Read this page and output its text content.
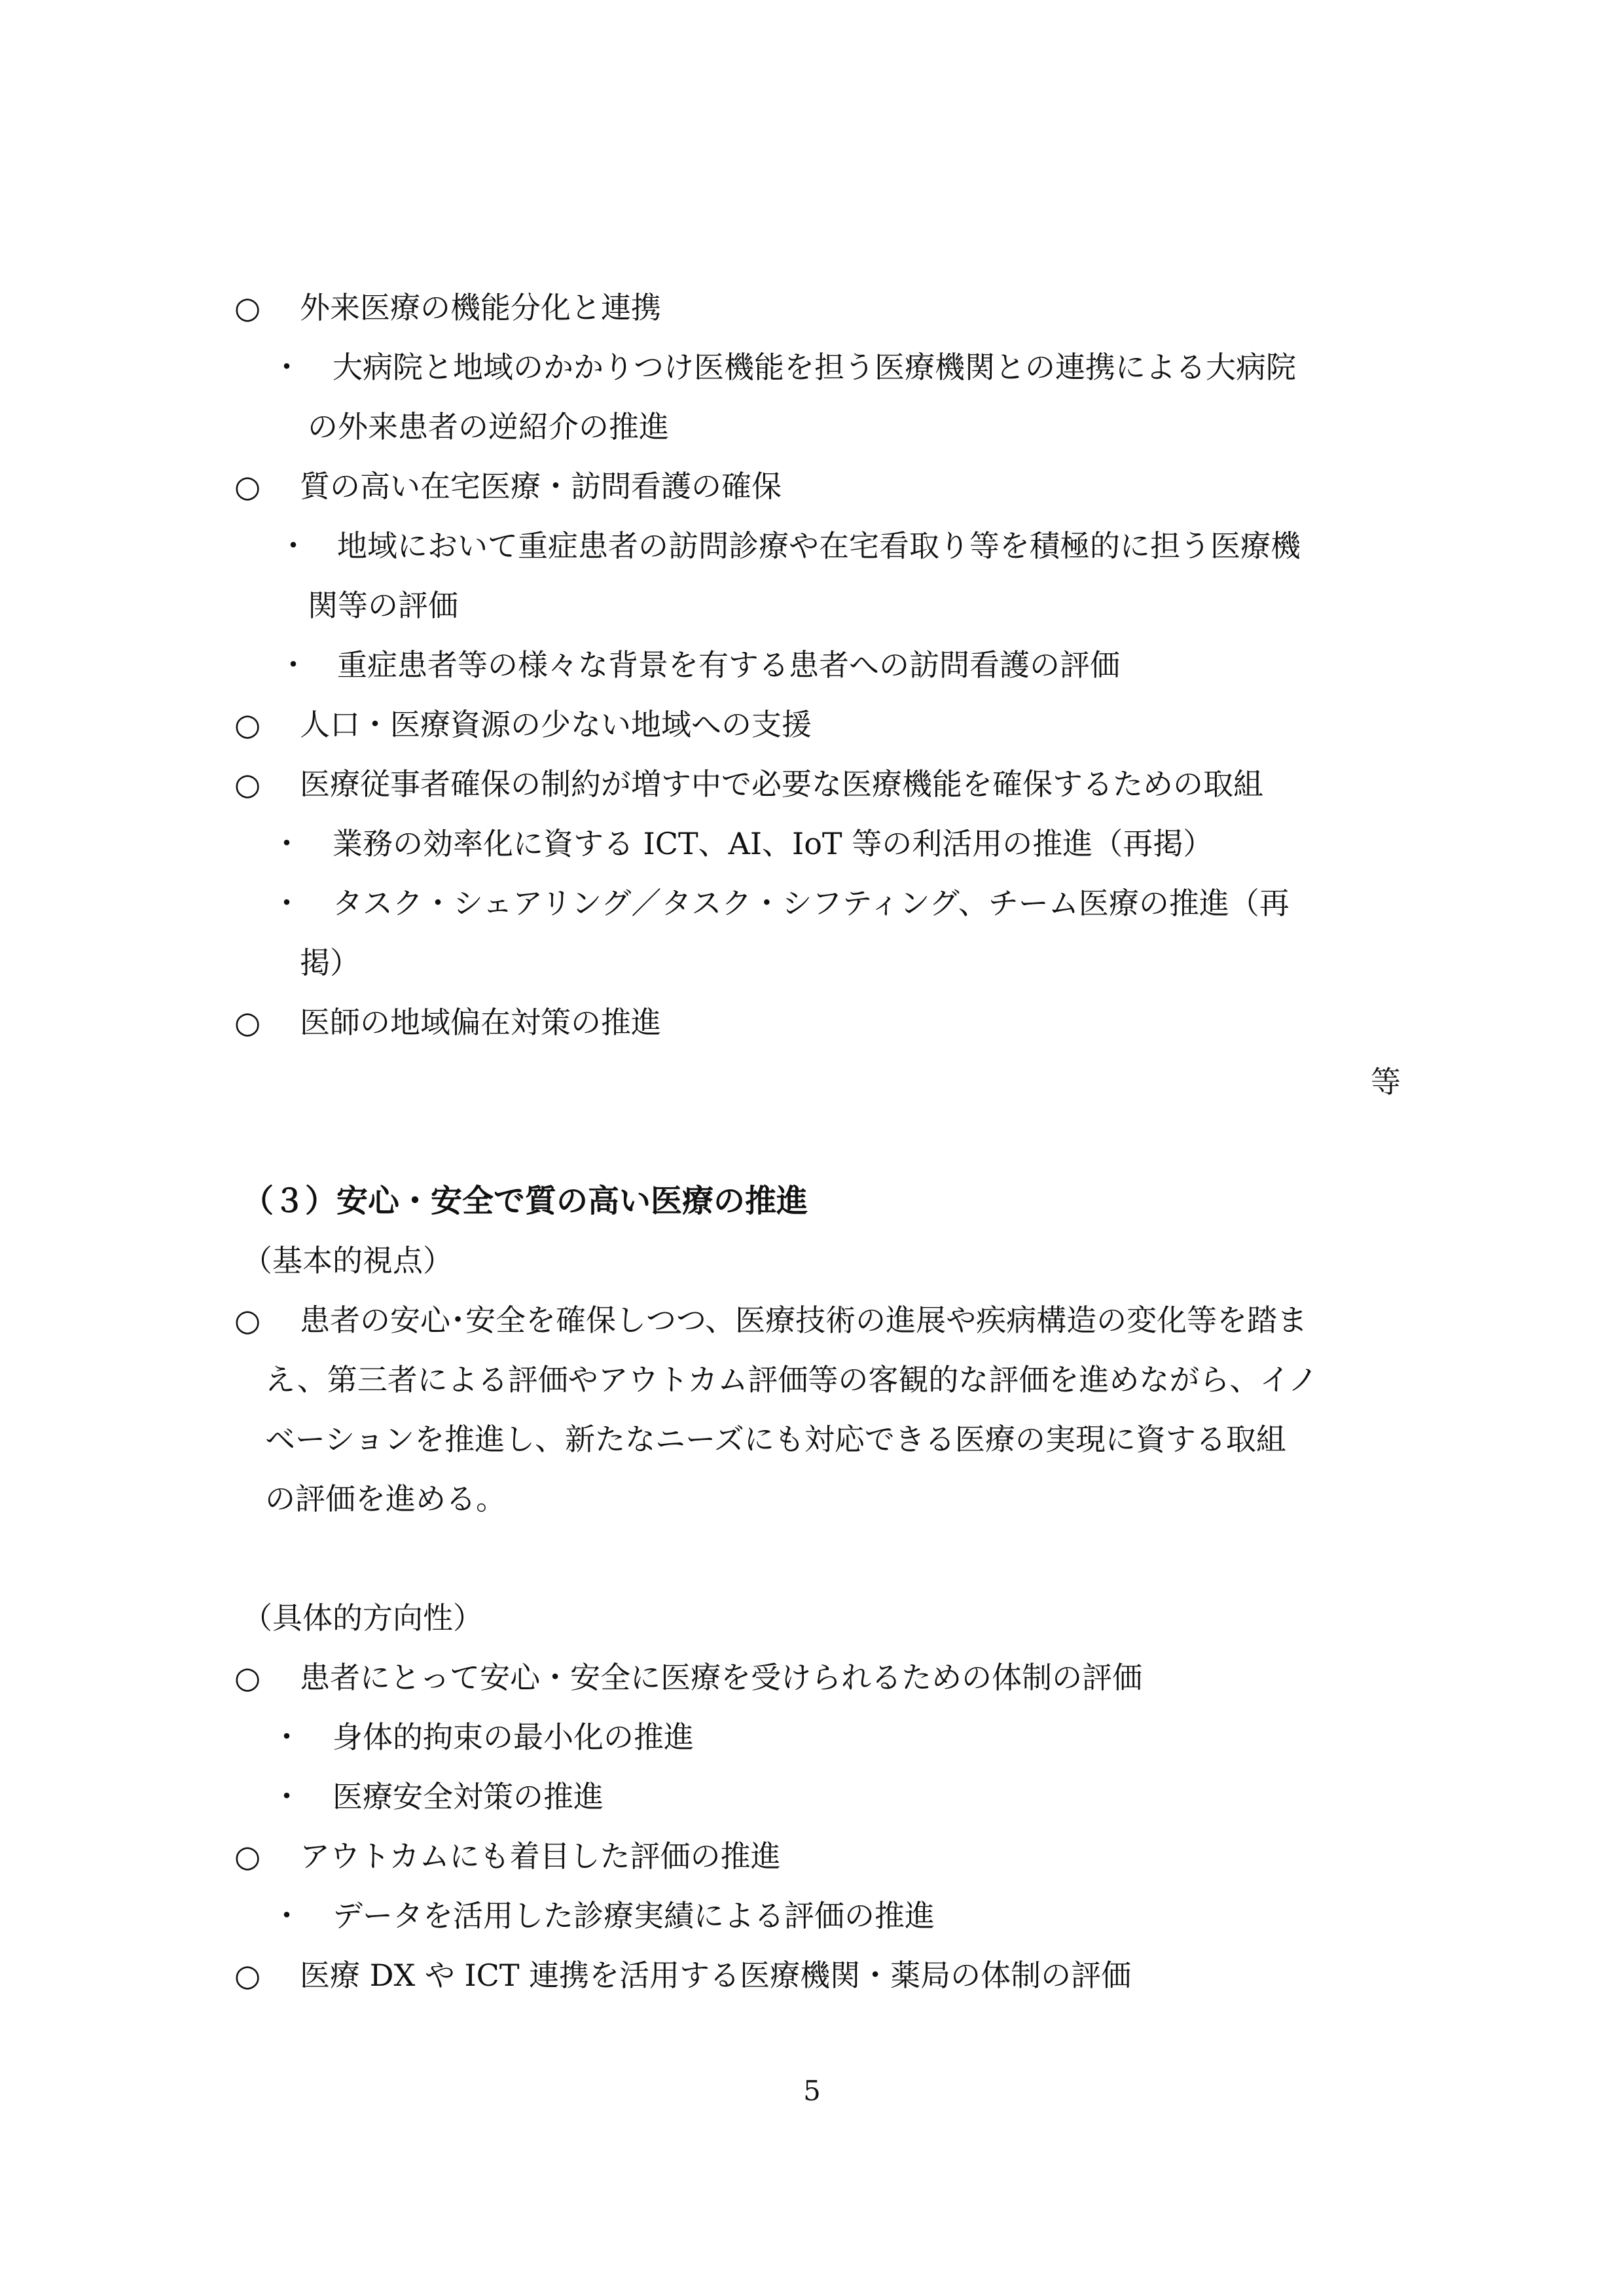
○ 外来医療の機能分化と連携
・ 大病院と地域のかかりつけ医機能を担う医療機関との連携による大病院
の外来患者の逆紹介の推進
○ 質の高い在宅医療・訪問看護の確保
・ 地域において重症患者の訪問診療や在宅看取り等を積極的に担う医療機
関等の評価
・ 重症患者等の様々な背景を有する患者への訪問看護の評価
○ 人口・医療資源の少ない地域への支援
○ 医療従事者確保の制約が増す中で必要な医療機能を確保するための取組
・ 業務の効率化に資する ICT、AI、IoT 等の利活用の推進（再掲）
・ タスク・シェアリング／タスク・シフティング、チーム医療の推進（再
掲）
○ 医師の地域偏在対策の推進
等
（３）安心・安全で質の高い医療の推進
（基本的視点）
○ 患者の安心･安全を確保しつつ、医療技術の進展や疾病構造の変化等を踏ま
え、第三者による評価やアウトカム評価等の客観的な評価を進めながら、イノ
ベーションを推進し、新たなニーズにも対応できる医療の実現に資する取組
の評価を進める。
（具体的方向性）
○ 患者にとって安心・安全に医療を受けられるための体制の評価
・ 身体的拘束の最小化の推進
・ 医療安全対策の推進
○ アウトカムにも着目した評価の推進
・ データを活用した診療実績による評価の推進
○ 医療 DX や ICT 連携を活用する医療機関・薬局の体制の評価
5
